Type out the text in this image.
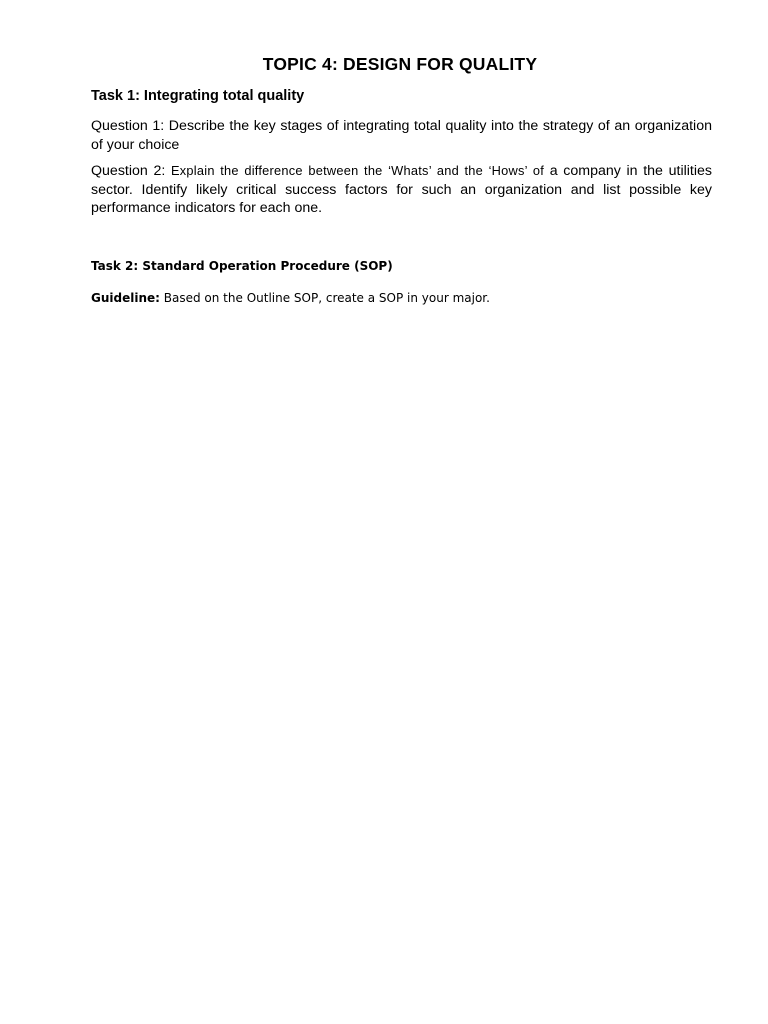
TOPIC 4: DESIGN FOR QUALITY
Task 1: Integrating total quality
Question 1: Describe the key stages of integrating total quality into the strategy of an organization of your choice
Question 2: Explain the difference between the ‘Whats’ and the ‘Hows’ of a company in the utilities sector. Identify likely critical success factors for such an organization and list possible key performance indicators for each one.
Task 2: Standard Operation Procedure (SOP)
Guideline: Based on the Outline SOP, create a SOP in your major.
